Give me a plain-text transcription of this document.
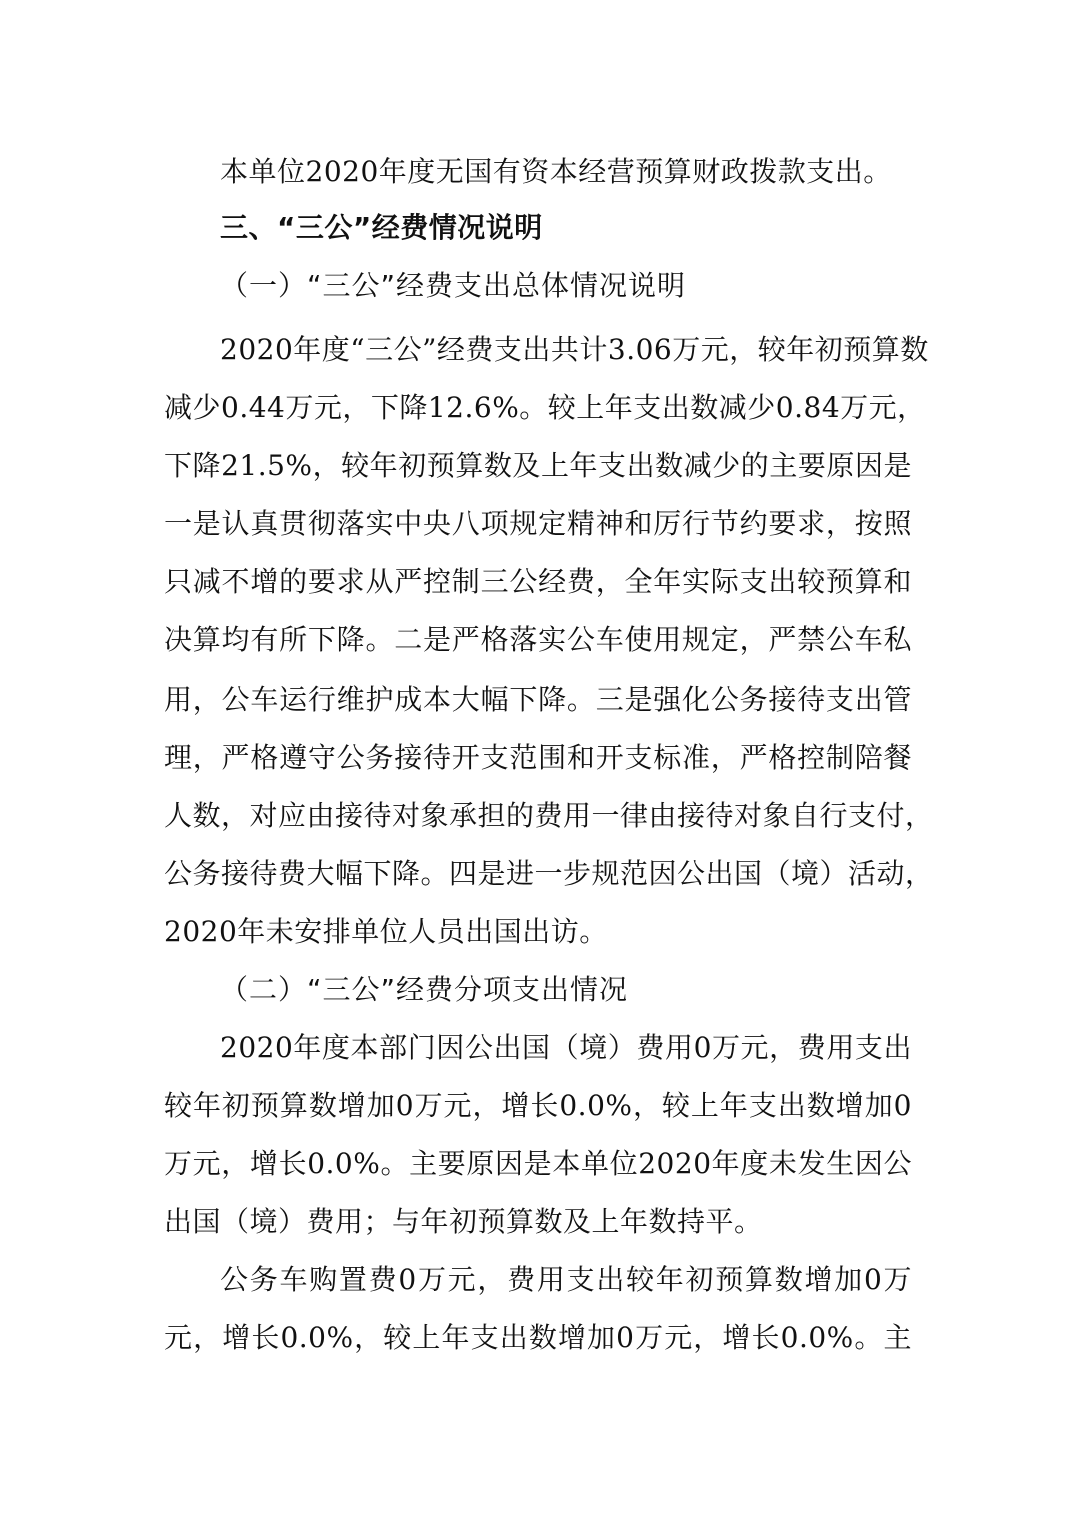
本单位2020年度无国有资本经营预算财政拨款支出。
三、“三公”经费情况说明
（一）“三公”经费支出总体情况说明
2020年度“三公”经费支出共计3.06万元，较年初预算数
减少0.44万元，下降12.6%。较上年支出数减少0.84万元，
下降21.5%，较年初预算数及上年支出数减少的主要原因是
一是认真贯彻落实中央八项规定精神和厉行节约要求，按照
只减不增的要求从严控制三公经费，全年实际支出较预算和
决算均有所下降。二是严格落实公车使用规定，严禁公车私
用，公车运行维护成本大幅下降。三是强化公务接待支出管
理，严格遵守公务接待开支范围和开支标准，严格控制陪餐
人数，对应由接待对象承担的费用一律由接待对象自行支付，
公务接待费大幅下降。四是进一步规范因公出国（境）活动，
2020年未安排单位人员出国出访。
（二）“三公”经费分项支出情况
2020年度本部门因公出国（境）费用0万元，费用支出
较年初预算数增加0万元，增长0.0%，较上年支出数增加0
万元，增长0.0%。主要原因是本单位2020年度未发生因公
出国（境）费用；与年初预算数及上年数持平。
公务车购置费0万元，费用支出较年初预算数增加0万
元，增长0.0%，较上年支出数增加0万元，增长0.0%。主
